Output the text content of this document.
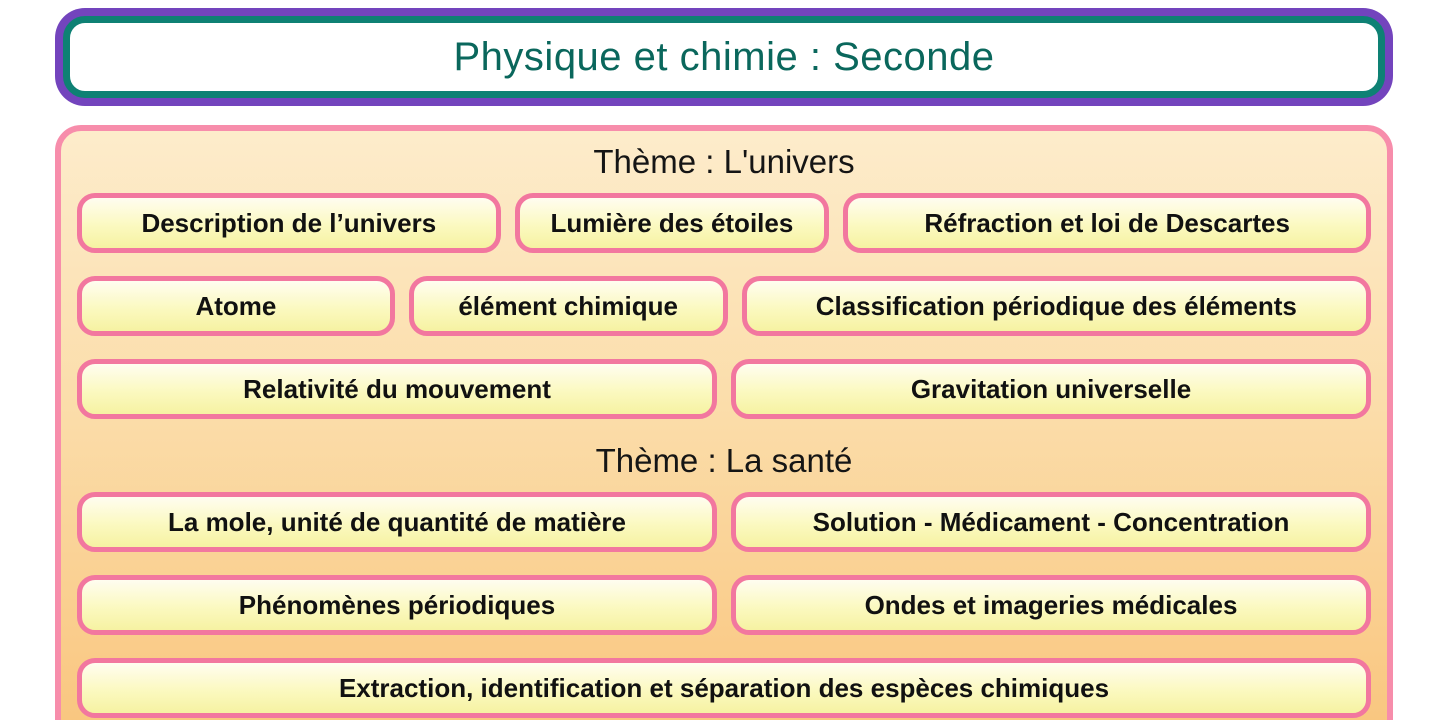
Physique et chimie : Seconde
Thème : L'univers
Description de l’univers	Lumière des étoiles	Réfraction et loi de Descartes
Atome	élément chimique	Classification périodique des éléments
Relativité du mouvement	Gravitation universelle
Thème : La santé
La mole, unité de quantité de matière	Solution - Médicament - Concentration
Phénomènes périodiques	Ondes et imageries médicales
Extraction, identification et séparation des espèces chimiques
